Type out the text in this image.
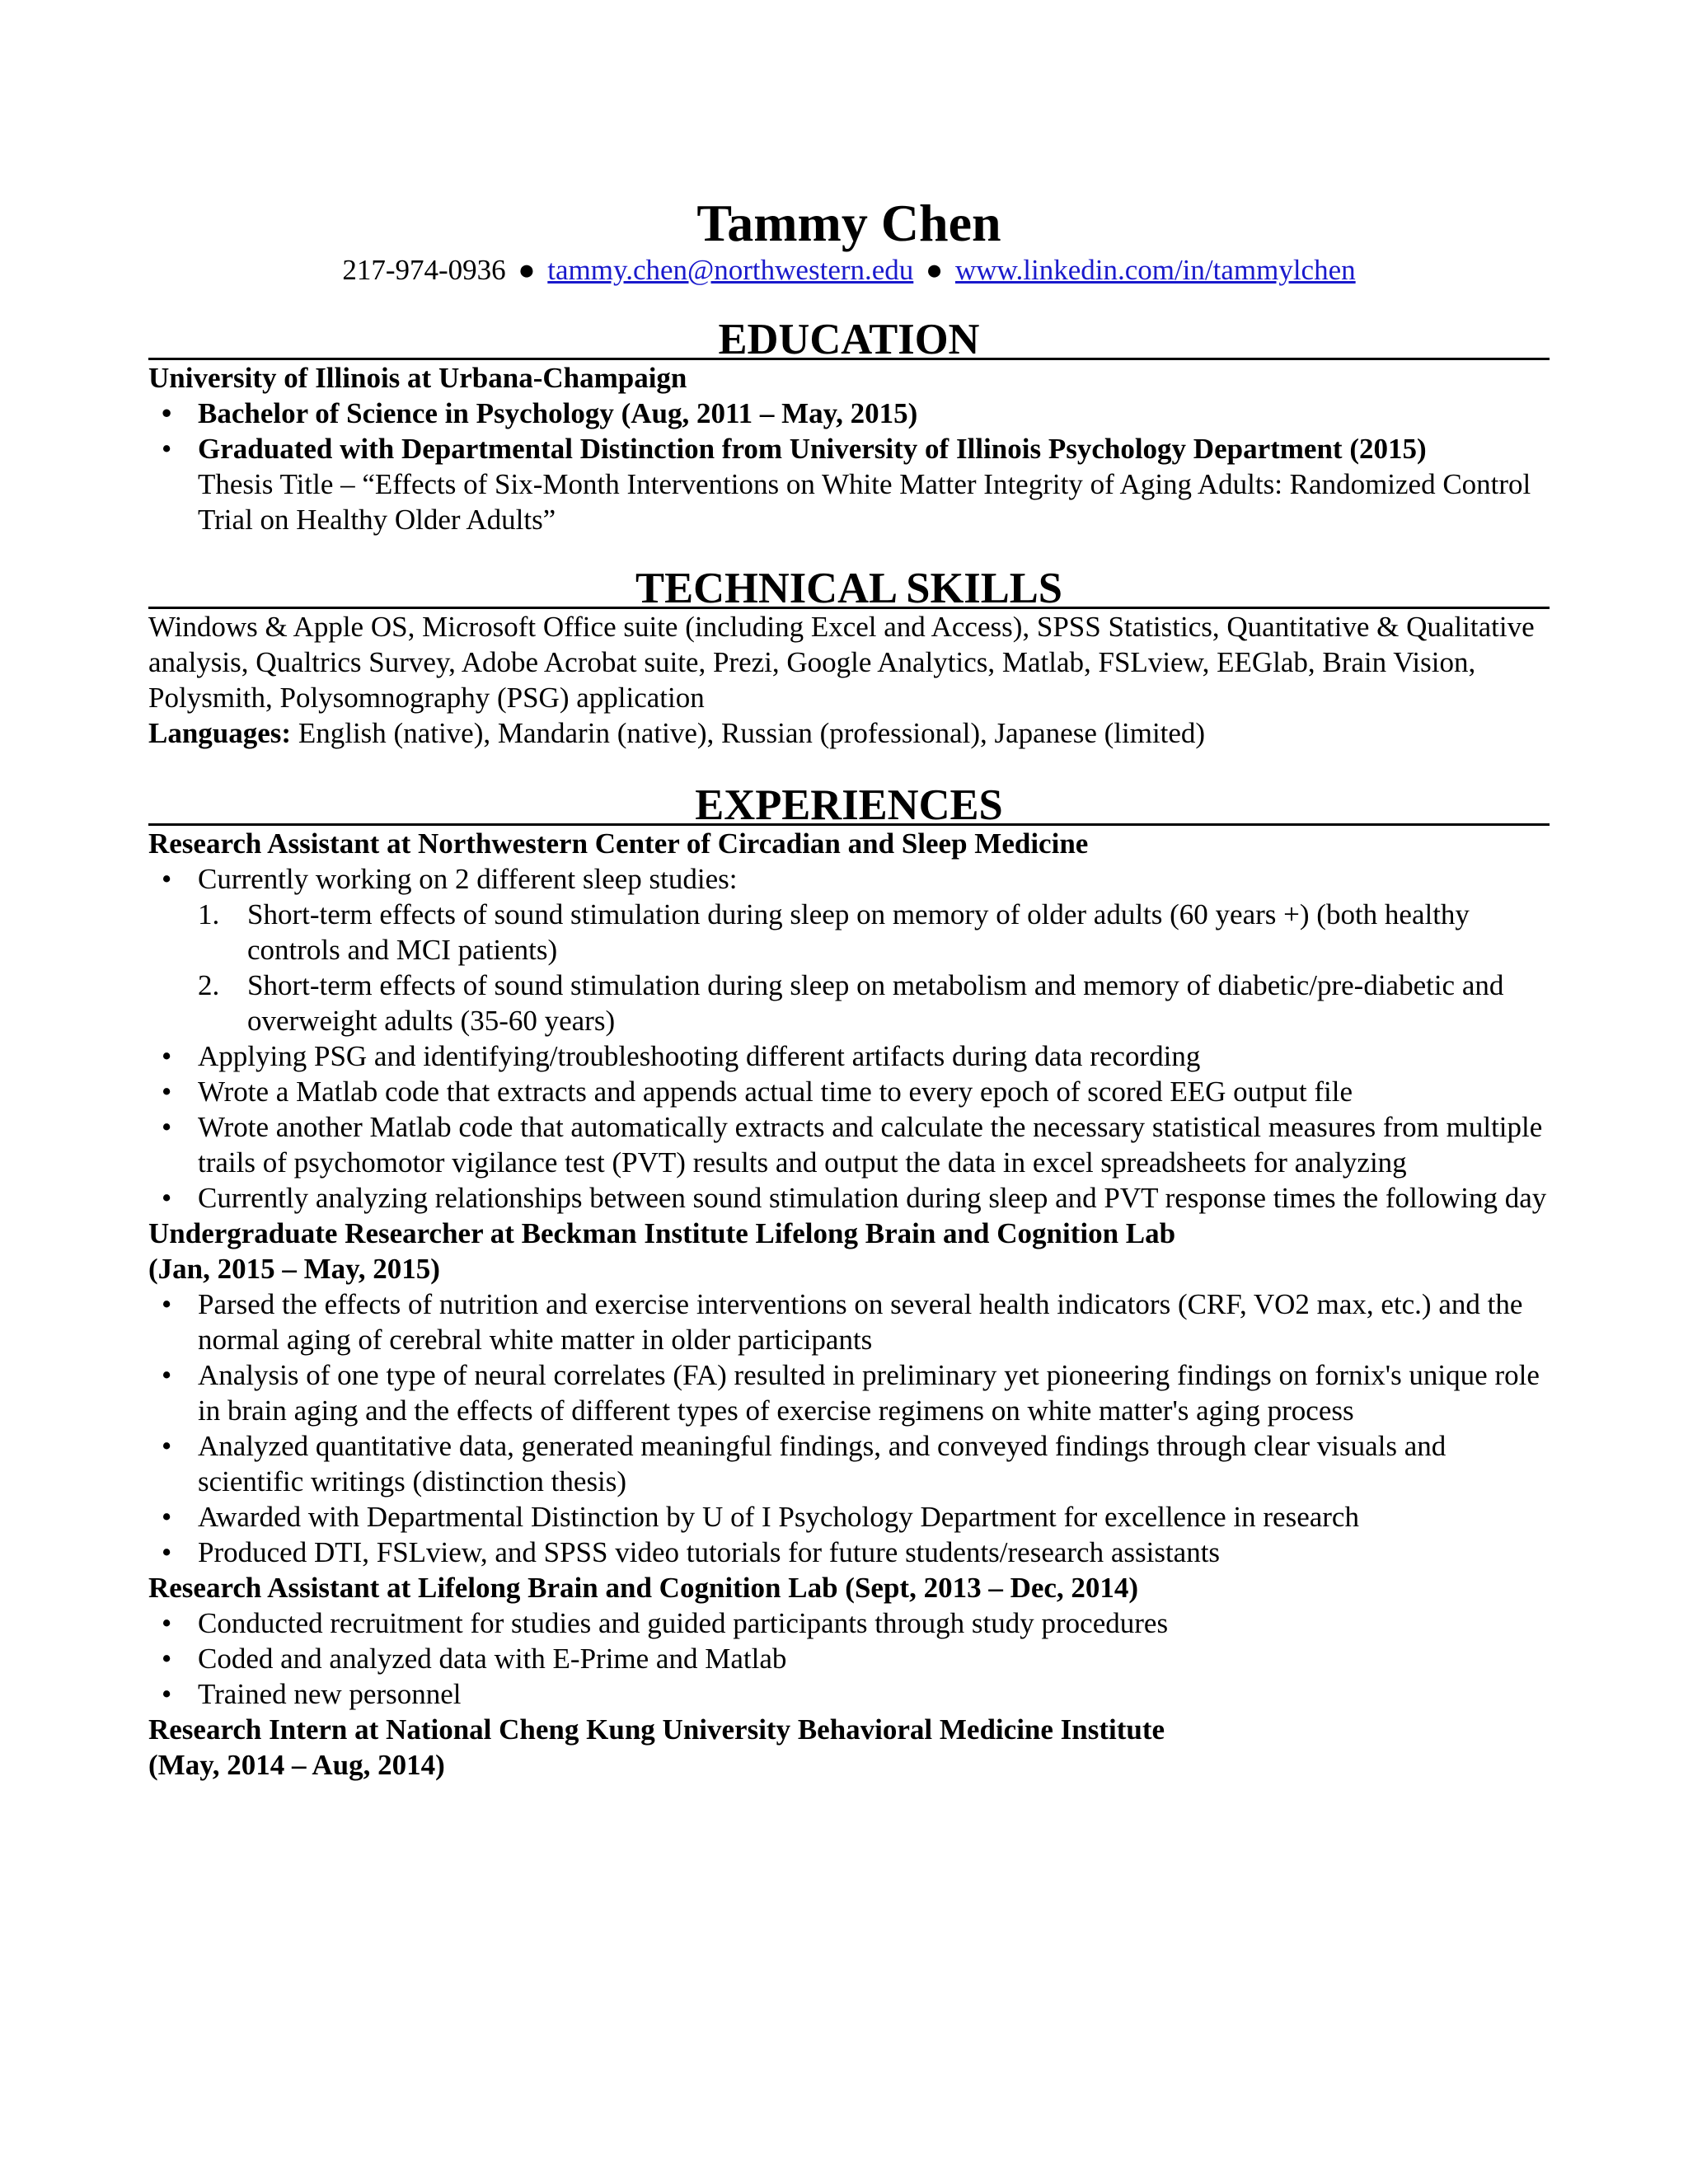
Tammy Chen

217-974-0936 ● tammy.chen@northwestern.edu ● www.linkedin.com/in/tammylchen

EDUCATION

University of Illinois at Urbana-Champaign

• Bachelor of Science in Psychology (Aug, 2011 – May, 2015)
• Graduated with Departmental Distinction from University of Illinois Psychology Department (2015)
Thesis Title – “Effects of Six-Month Interventions on White Matter Integrity of Aging Adults: Randomized Control Trial on Healthy Older Adults”
TECHNICAL SKILLS

Windows & Apple OS, Microsoft Office suite (including Excel and Access), SPSS Statistics, Quantitative & Qualitative analysis, Qualtrics Survey, Adobe Acrobat suite, Prezi, Google Analytics, Matlab, FSLview, EEGlab, Brain Vision, Polysmith, Polysomnography (PSG) application

Languages: English (native), Mandarin (native), Russian (professional), Japanese (limited)

EXPERIENCES

Research Assistant at Northwestern Center of Circadian and Sleep Medicine

• Currently working on 2 different sleep studies:
1. Short-term effects of sound stimulation during sleep on memory of older adults (60 years +) (both healthy controls and MCI patients)
2. Short-term effects of sound stimulation during sleep on metabolism and memory of diabetic/pre-diabetic and overweight adults (35-60 years)
• Applying PSG and identifying/troubleshooting different artifacts during data recording
• Wrote a Matlab code that extracts and appends actual time to every epoch of scored EEG output file
• Wrote another Matlab code that automatically extracts and calculate the necessary statistical measures from multiple trails of psychomotor vigilance test (PVT) results and output the data in excel spreadsheets for analyzing
• Currently analyzing relationships between sound stimulation during sleep and PVT response times the following day

Undergraduate Researcher at Beckman Institute Lifelong Brain and Cognition Lab

(Jan, 2015 – May, 2015)

• Parsed the effects of nutrition and exercise interventions on several health indicators (CRF, VO2 max, etc.) and the normal aging of cerebral white matter in older participants
• Analysis of one type of neural correlates (FA) resulted in preliminary yet pioneering findings on fornix's unique role in brain aging and the effects of different types of exercise regimens on white matter's aging process
• Analyzed quantitative data, generated meaningful findings, and conveyed findings through clear visuals and scientific writings (distinction thesis)
• Awarded with Departmental Distinction by U of I Psychology Department for excellence in research
• Produced DTI, FSLview, and SPSS video tutorials for future students/research assistants

Research Assistant at Lifelong Brain and Cognition Lab (Sept, 2013 – Dec, 2014)

• Conducted recruitment for studies and guided participants through study procedures
• Coded and analyzed data with E-Prime and Matlab
• Trained new personnel

Research Intern at National Cheng Kung University Behavioral Medicine Institute

(May, 2014 – Aug, 2014)
